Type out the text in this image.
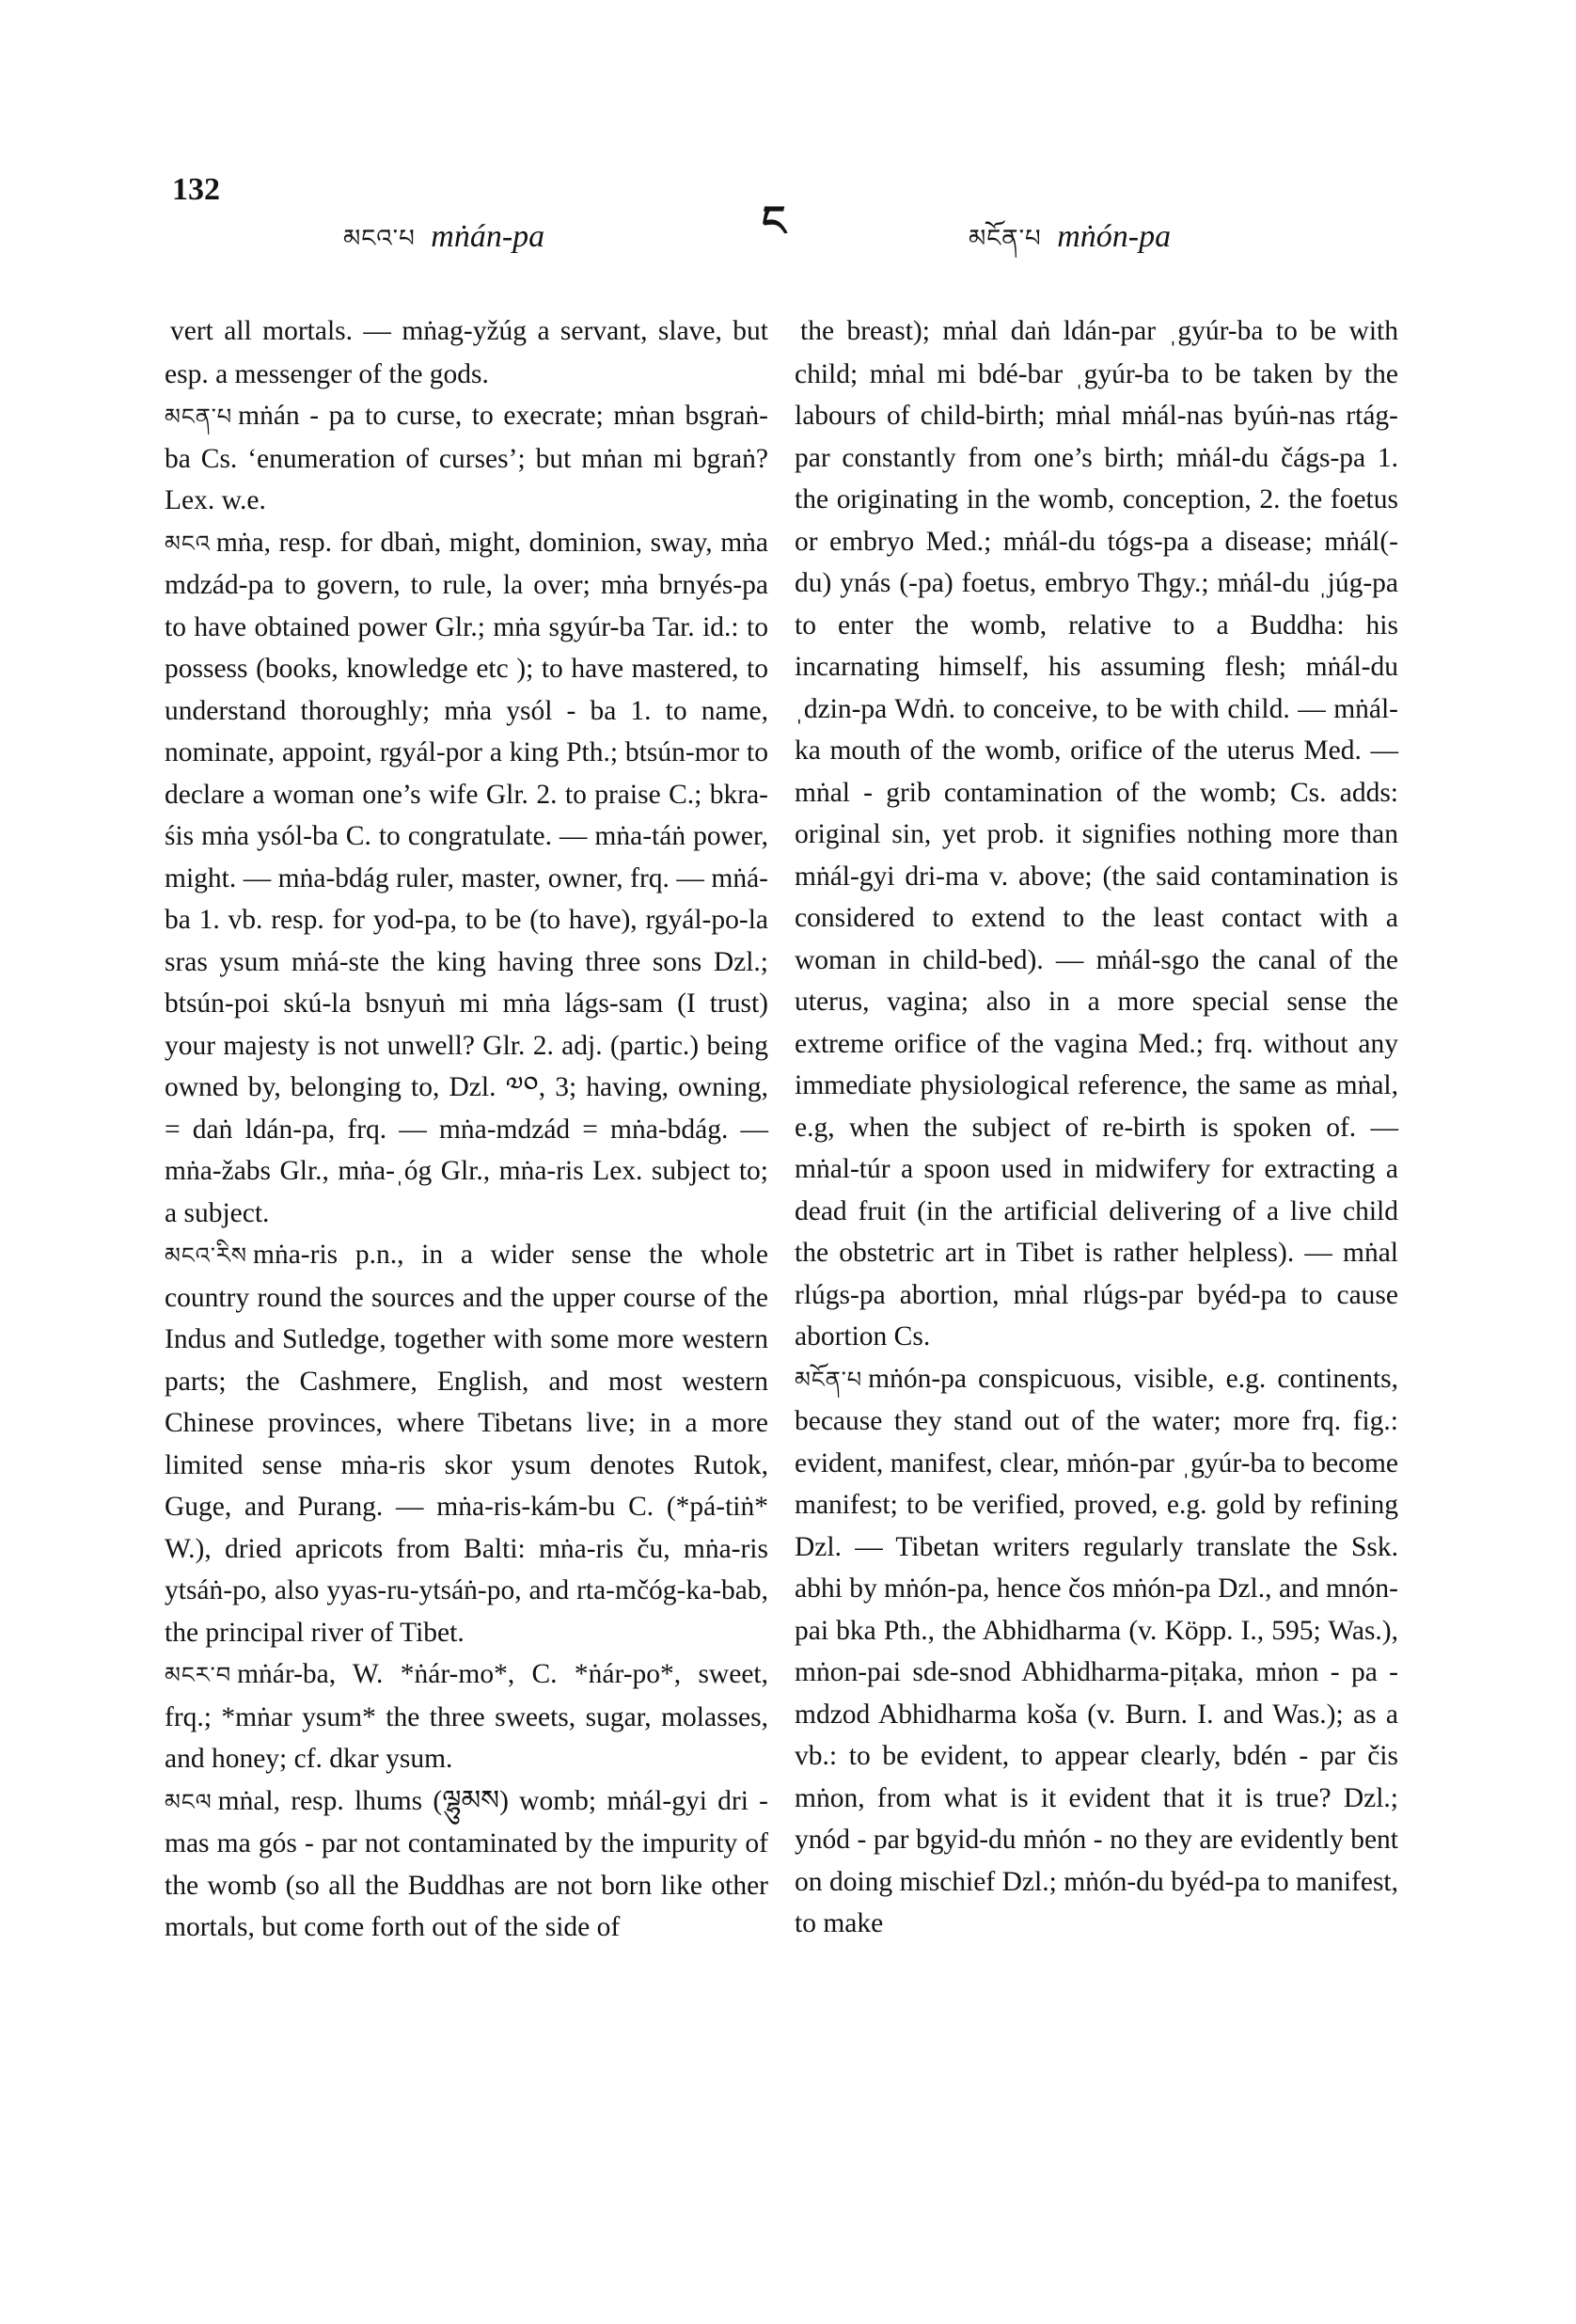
132
ང
མངའ་པ mṅán-pa	མངོན་པ mṅón-pa

vert all mortals. — mṅag-yžúg a servant, slave, but esp. a messenger of the gods.

མངན་པ mṅán - pa to curse, to execrate; mṅan bsgraṅ-ba Cs. ‘enumeration of curses’; but mṅan mi bgraṅ? Lex. w.e.

མངའ mṅa, resp. for dbaṅ, might, dominion, sway, mṅa mdzád-pa to govern, to rule, la over; mṅa brnyés-pa to have obtained power Glr.; mṅa sgyúr-ba Tar. id.: to possess (books, knowledge etc ); to have mastered, to understand thoroughly; mṅa ysól - ba 1. to name, nominate, appoint, rgyál-por a king Pth.; btsún-mor to declare a woman one’s wife Glr. 2. to praise C.; bkra-śis mṅa ysól-ba C. to congratulate. — mṅa-táṅ power, might. — mṅa-bdág ruler, master, owner, frq. — mṅá-ba 1. vb. resp. for yod-pa, to be (to have), rgyál-po-la sras ysum mṅá-ste the king having three sons Dzl.; btsún-poi skú-la bsnyuṅ mi mṅa lágs-sam (I trust) your majesty is not unwell? Glr. 2. adj. (partic.) being owned by, belonging to, Dzl. ༧༠, 3; having, owning, = daṅ ldán-pa, frq. — mṅa-mdzád = mṅa-bdág. — mṅa-žabs Glr., mṅa-ˌóg Glr., mṅa-ris Lex. subject to; a subject.

མངའ་རིས mṅa-ris p.n., in a wider sense the whole country round the sources and the upper course of the Indus and Sutledge, together with some more western parts; the Cashmere, English, and most western Chinese provinces, where Tibetans live; in a more limited sense mṅa-ris skor ysum denotes Rutok, Guge, and Purang. — mṅa-ris-kám-bu C. (*pá-tiṅ* W.), dried apricots from Balti: mṅa-ris ču, mṅa-ris ytsáṅ-po, also yyas-ru-ytsáṅ-po, and rta-mčóg-ka-bab, the principal river of Tibet.

མངར་བ mṅár-ba, W. *ṅár-mo*, C. *ṅár-po*, sweet, frq.; *mṅar ysum* the three sweets, sugar, molasses, and honey; cf. dkar ysum.

མངལ mṅal, resp. lhums (ལྷུམས) womb; mṅál-gyi dri - mas ma gós - par not contaminated by the impurity of the womb (so all the Buddhas are not born like other mortals, but come forth out of the side of

the breast); mṅal daṅ ldán-par ˌgyúr-ba to be with child; mṅal mi bdé-bar ˌgyúr-ba to be taken by the labours of child-birth; mṅal mṅál-nas byúṅ-nas rtág-par constantly from one’s birth; mṅál-du čágs-pa 1. the originating in the womb, conception, 2. the foetus or embryo Med.; mṅál-du tógs-pa a disease; mṅál(-du) ynás (-pa) foetus, embryo Thgy.; mṅál-du ˌjúg-pa to enter the womb, relative to a Buddha: his incarnating himself, his assuming flesh; mṅál-du ˌdzin-pa Wdṅ. to conceive, to be with child. — mṅál-ka mouth of the womb, orifice of the uterus Med. — mṅal - grib contamination of the womb; Cs. adds: original sin, yet prob. it signifies nothing more than mṅál-gyi dri-ma v. above; (the said contamination is considered to extend to the least contact with a woman in child-bed). — mṅál-sgo the canal of the uterus, vagina; also in a more special sense the extreme orifice of the vagina Med.; frq. without any immediate physiological reference, the same as mṅal, e.g, when the subject of re-birth is spoken of. — mṅal-túr a spoon used in midwifery for extracting a dead fruit (in the artificial delivering of a live child the obstetric art in Tibet is rather helpless). — mṅal rlúgs-pa abortion, mṅal rlúgs-par byéd-pa to cause abortion Cs.

མངོན་པ mṅón-pa conspicuous, visible, e.g. continents, because they stand out of the water; more frq. fig.: evident, manifest, clear, mṅón-par ˌgyúr-ba to become manifest; to be verified, proved, e.g. gold by refining Dzl. — Tibetan writers regularly translate the Ssk. abhi by mṅón-pa, hence čos mṅón-pa Dzl., and mnón-pai bka Pth., the Abhidharma (v. Köpp. I., 595; Was.), mṅon-pai sde-snod Abhidharma-piṭaka, mṅon - pa - mdzod Abhidharma koša (v. Burn. I. and Was.); as a vb.: to be evident, to appear clearly, bdén - par čis mṅon, from what is it evident that it is true? Dzl.; ynód - par bgyid-du mṅón - no they are evidently bent on doing mischief Dzl.; mṅón-du byéd-pa to manifest, to make
